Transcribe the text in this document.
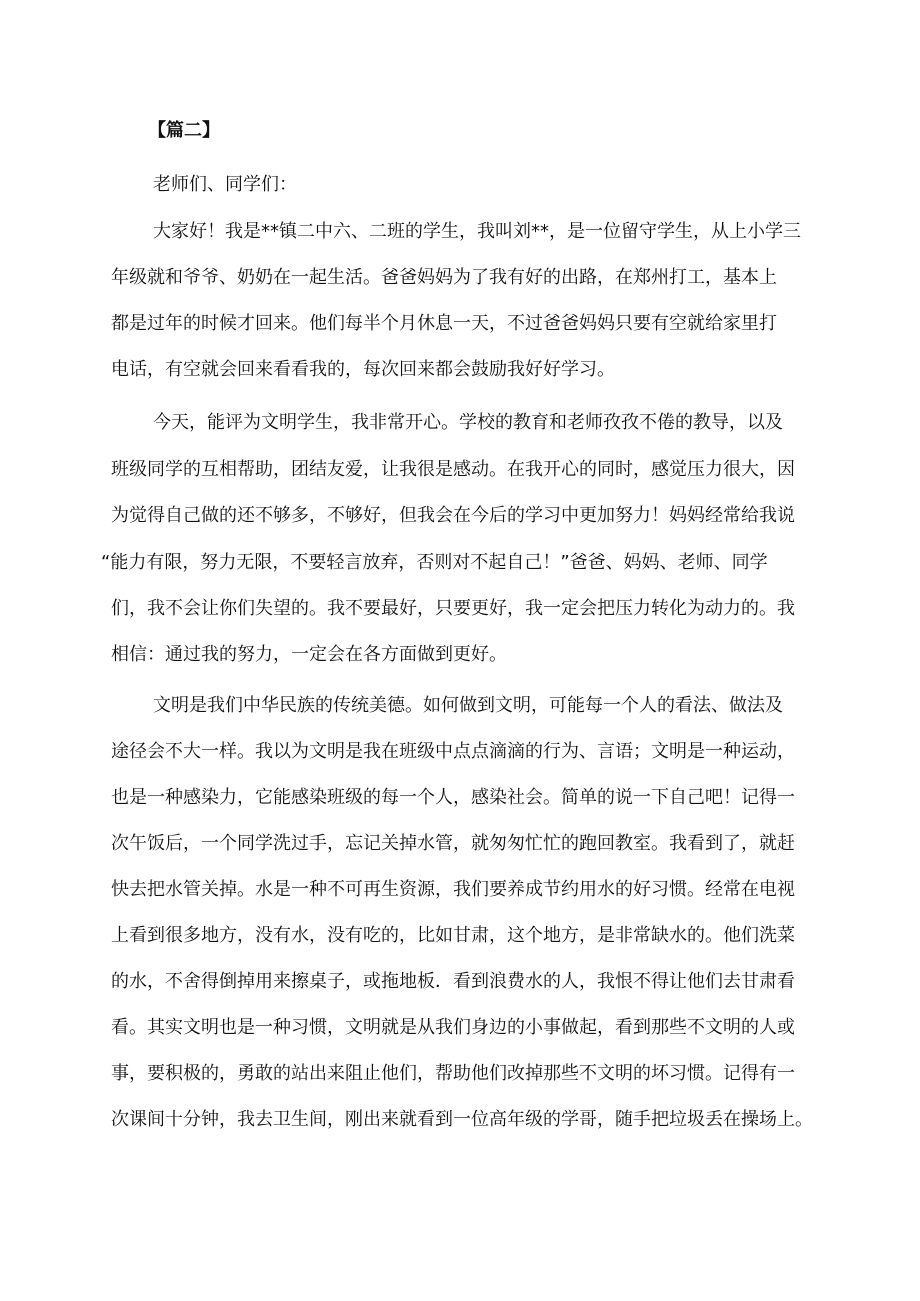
【篇二】
老师们、同学们：
大家好！我是**镇二中六、二班的学生，我叫刘**，是一位留守学生，从上小学三
年级就和爷爷、奶奶在一起生活。爸爸妈妈为了我有好的出路，在郑州打工，基本上
都是过年的时候才回来。他们每半个月休息一天，不过爸爸妈妈只要有空就给家里打
电话，有空就会回来看看我的，每次回来都会鼓励我好好学习。
今天，能评为文明学生，我非常开心。学校的教育和老师孜孜不倦的教导，以及
班级同学的互相帮助，团结友爱，让我很是感动。在我开心的同时，感觉压力很大，因
为觉得自己做的还不够多，不够好，但我会在今后的学习中更加努力！妈妈经常给我说
“能力有限，努力无限，不要轻言放弃，否则对不起自己！”爸爸、妈妈、老师、同学
们，我不会让你们失望的。我不要最好，只要更好，我一定会把压力转化为动力的。我
相信：通过我的努力，一定会在各方面做到更好。
文明是我们中华民族的传统美德。如何做到文明，可能每一个人的看法、做法及
途径会不大一样。我以为文明是我在班级中点点滴滴的行为、言语；文明是一种运动，
也是一种感染力，它能感染班级的每一个人，感染社会。简单的说一下自己吧！记得一
次午饭后，一个同学洗过手，忘记关掉水管，就匆匆忙忙的跑回教室。我看到了，就赶
快去把水管关掉。水是一种不可再生资源，我们要养成节约用水的好习惯。经常在电视
上看到很多地方，没有水，没有吃的，比如甘肃，这个地方，是非常缺水的。他们洗菜
的水，不舍得倒掉用来擦桌子，或拖地板．看到浪费水的人，我恨不得让他们去甘肃看
看。其实文明也是一种习惯，文明就是从我们身边的小事做起，看到那些不文明的人或
事，要积极的，勇敢的站出来阻止他们，帮助他们改掉那些不文明的坏习惯。记得有一
次课间十分钟，我去卫生间，刚出来就看到一位高年级的学哥，随手把垃圾丢在操场上。
